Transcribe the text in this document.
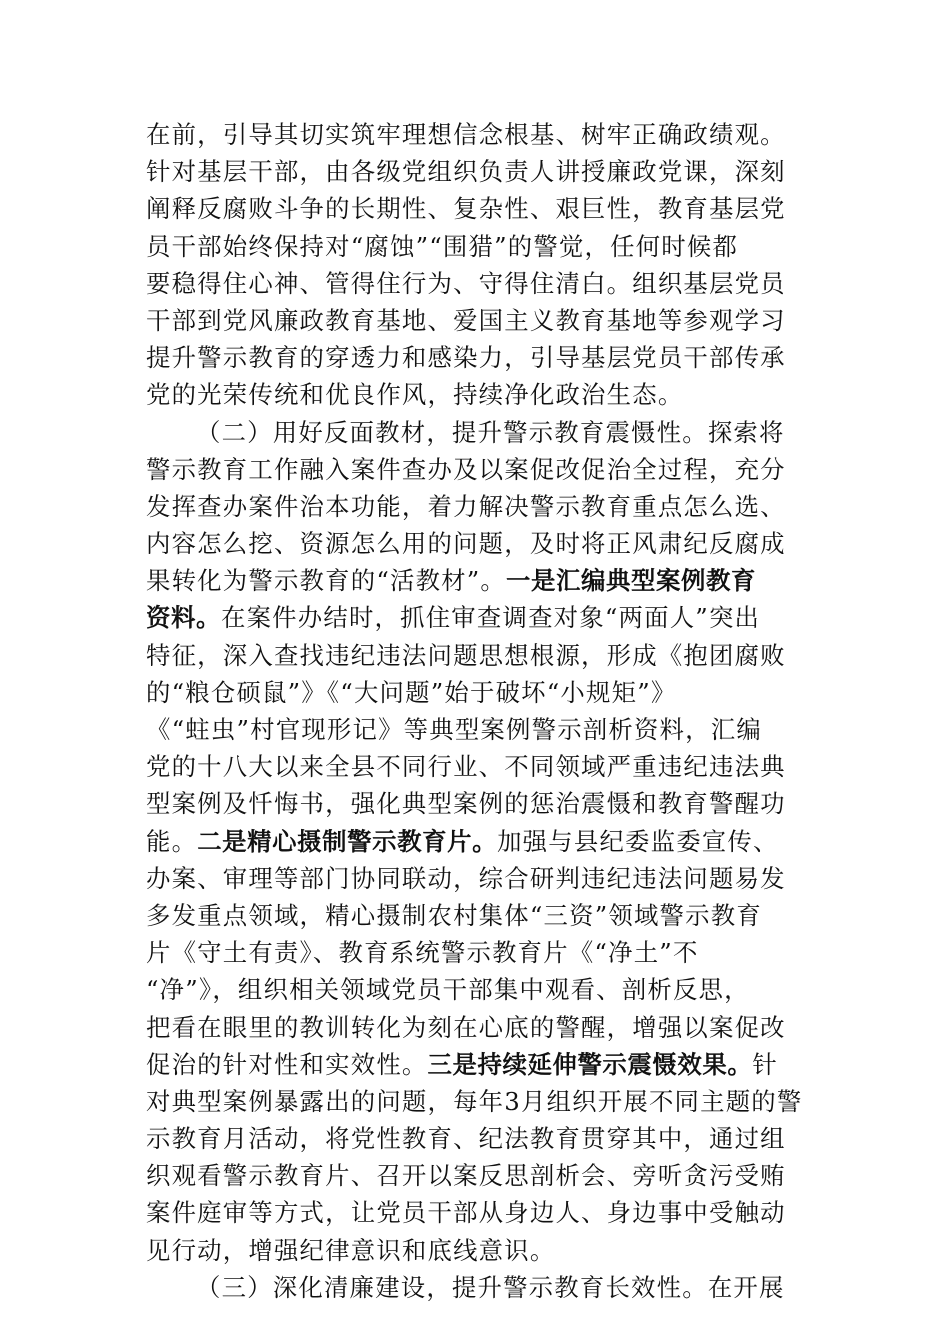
在前，引导其切实筑牢理想信念根基、树牢正确政绩观。
针对基层干部，由各级党组织负责人讲授廉政党课，深刻
阐释反腐败斗争的长期性、复杂性、艰巨性，教育基层党
员干部始终保持对“腐蚀”“围猎”的警觉，任何时候都
要稳得住心神、管得住行为、守得住清白。组织基层党员
干部到党风廉政教育基地、爱国主义教育基地等参观学习
提升警示教育的穿透力和感染力，引导基层党员干部传承
党的光荣传统和优良作风，持续净化政治生态。
（二）用好反面教材，提升警示教育震慑性。探索将
警示教育工作融入案件查办及以案促改促治全过程，充分
发挥查办案件治本功能，着力解决警示教育重点怎么选、
内容怎么挖、资源怎么用的问题，及时将正风肃纪反腐成
果转化为警示教育的“活教材”。一是汇编典型案例教育
资料。在案件办结时，抓住审查调查对象“两面人”突出
特征，深入查找违纪违法问题思想根源，形成《抱团腐败
的“粮仓硕鼠”》《“大问题”始于破坏“小规矩”》
《“蛀虫”村官现形记》等典型案例警示剖析资料，汇编
党的十八大以来全县不同行业、不同领域严重违纪违法典
型案例及忏悔书，强化典型案例的惩治震慑和教育警醒功
能。二是精心摄制警示教育片。加强与县纪委监委宣传、
办案、审理等部门协同联动，综合研判违纪违法问题易发
多发重点领域，精心摄制农村集体“三资”领域警示教育
片《守土有责》、教育系统警示教育片《“净土”不
“净”》，组织相关领域党员干部集中观看、剖析反思，
把看在眼里的教训转化为刻在心底的警醒，增强以案促改
促治的针对性和实效性。三是持续延伸警示震慑效果。针
对典型案例暴露出的问题，每年3月组织开展不同主题的警
示教育月活动，将党性教育、纪法教育贯穿其中，通过组
织观看警示教育片、召开以案反思剖析会、旁听贪污受贿
案件庭审等方式，让党员干部从身边人、身边事中受触动
见行动，增强纪律意识和底线意识。
（三）深化清廉建设，提升警示教育长效性。在开展
